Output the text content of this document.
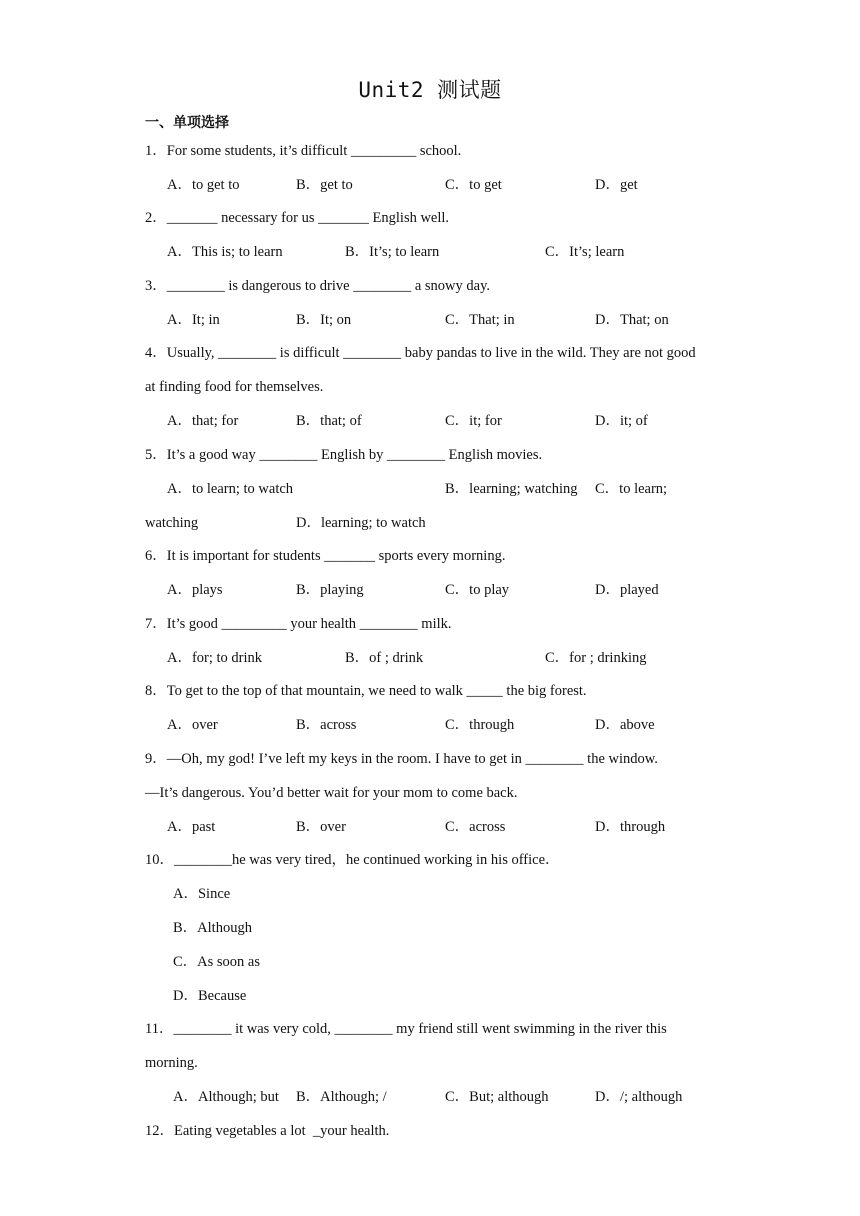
Unit2 测试题
一、单项选择
1．For some students, it’s difficult _________ school.
A．to get to	B．get to	C．to get	D．get
2．_______ necessary for us _______ English well.
A．This is; to learn	B．It’s; to learn	C．It’s; learn
3．________ is dangerous to drive ________ a snowy day.
A．It; in	B．It; on	C．That; in	D．That; on
4．Usually, ________ is difficult ________ baby pandas to live in the wild. They are not good
at finding food for themselves.
A．that; for	B．that; of	C．it; for	D．it; of
5．It’s a good way ________ English by ________ English movies.
A．to learn; to watch	B．learning; watching C．to learn;
watching	D．learning; to watch
6．It is important for students _______ sports every morning.
A．plays	B．playing	C．to play	D．played
7．It’s good _________ your health ________ milk.
A．for; to drink	B．of ; drink	C．for ; drinking
8．To get to the top of that mountain, we need to walk _____ the big forest.
A．over	B．across	C．through	D．above
9．—Oh, my god! I’ve left my keys in the room. I have to get in ________ the window.
—It’s dangerous. You’d better wait for your mom to come back.
A．past	B．over	C．across	D．through
10．________he was very tired，he continued working in his office．
A．Since
B．Although
C．As soon as
D．Because
11．________ it was very cold, ________ my friend still went swimming in the river this
morning.
A．Although; but B．Although; /	C．But; although	D．/; although
12．Eating vegetables a lot  _your health.
